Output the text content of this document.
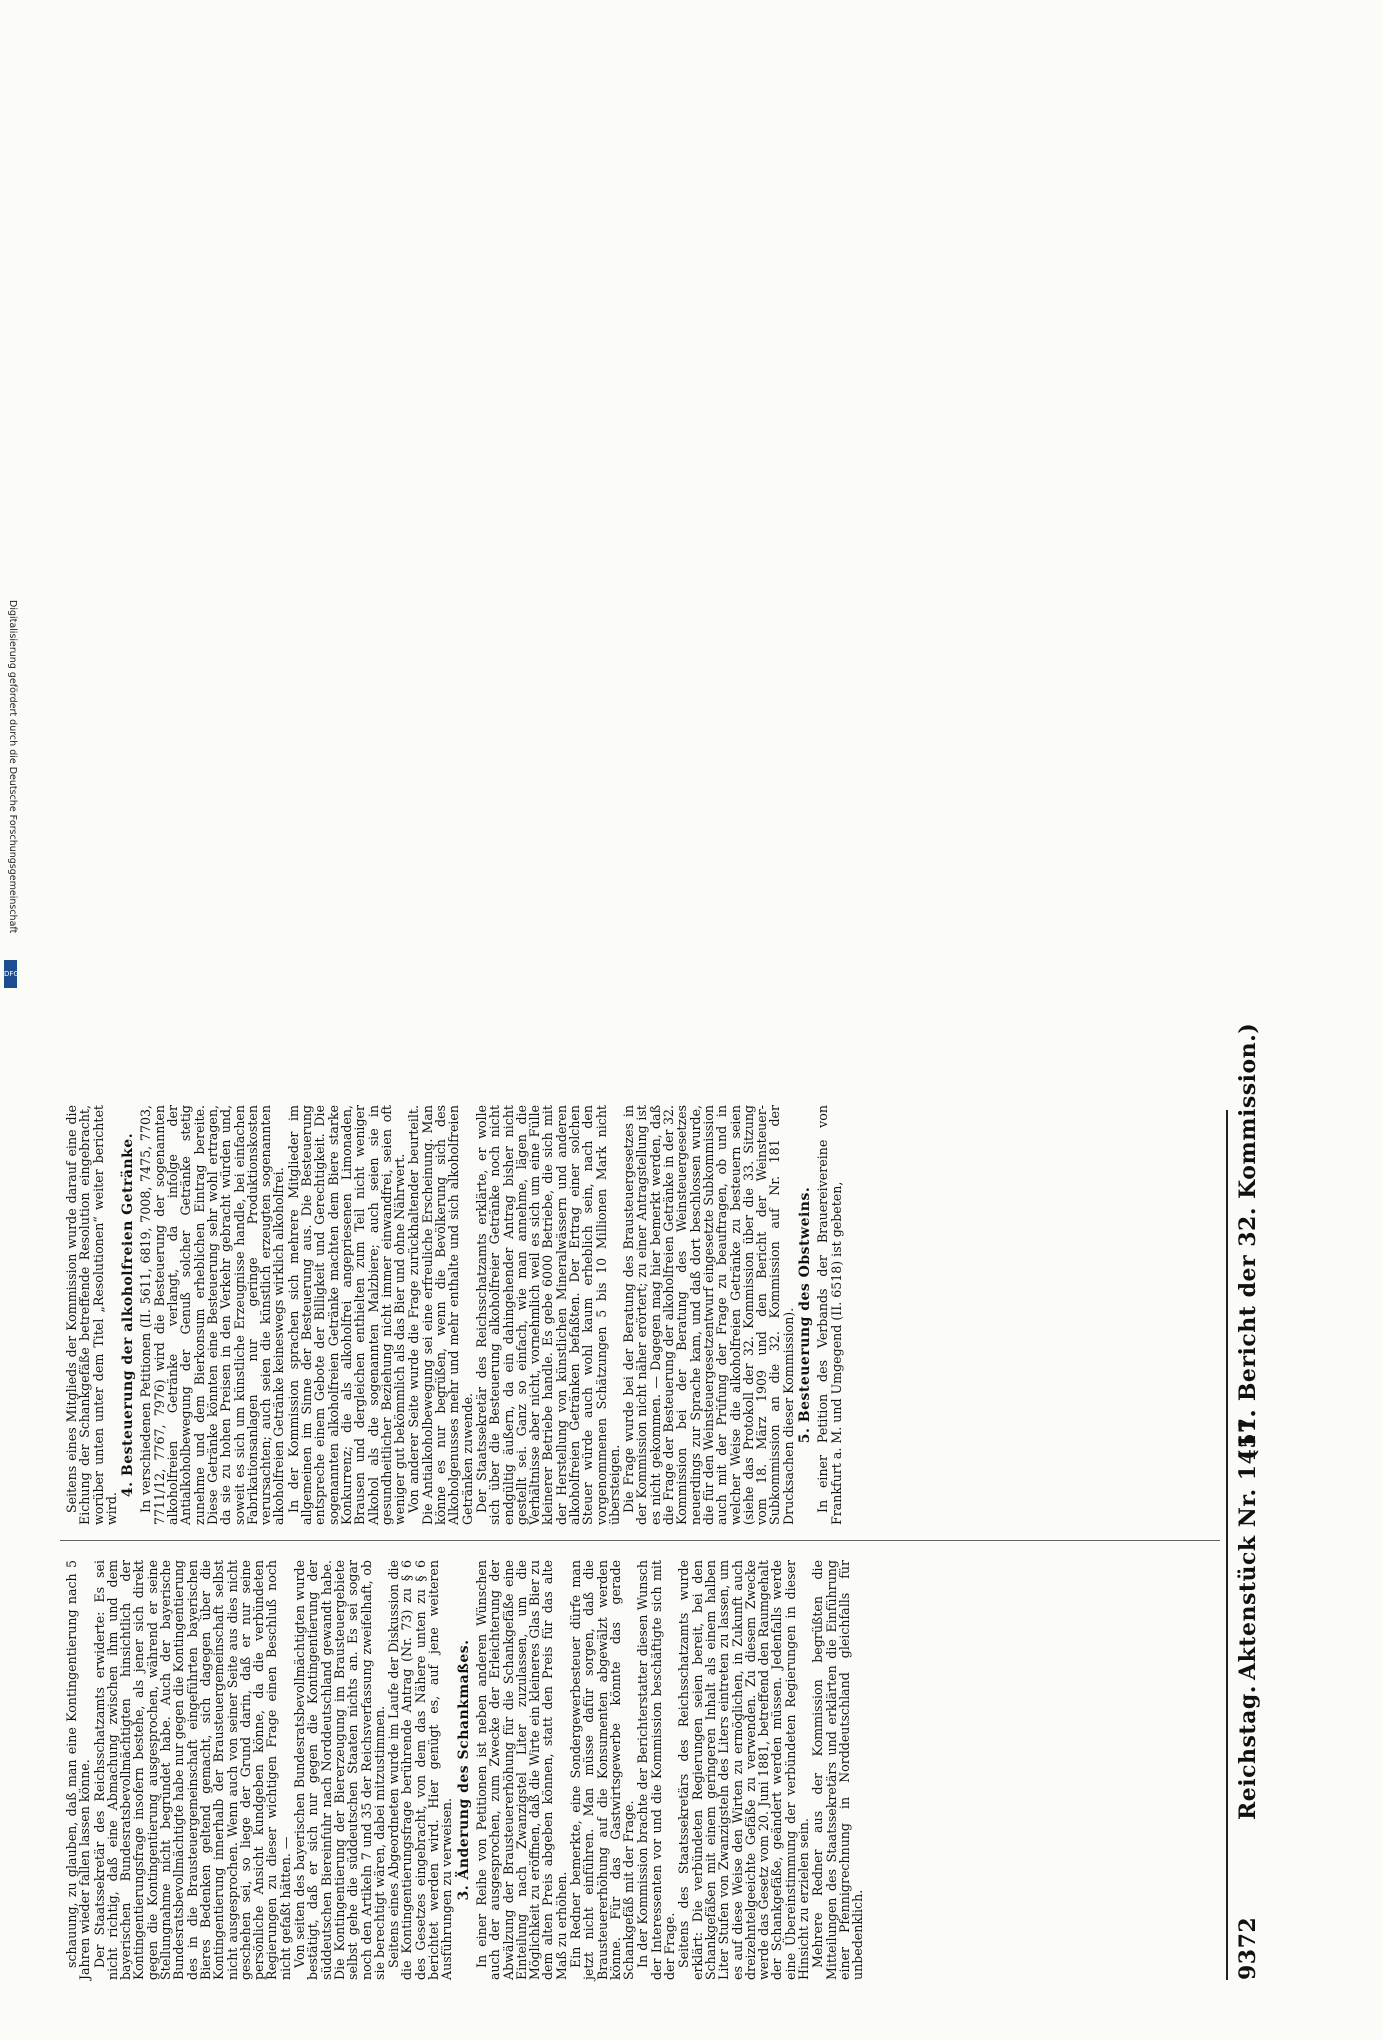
9372
Reichstag.
Aktenstück Nr. 1451.
(17. Bericht der 32. Kommission.)

schauung, zu glauben, daß man eine Kontingentierung nach 5 Jahren wieder fallen lassen könne. Der Staatssekretär des Reichsschatzamts erwiderte: Es sei nicht richtig, daß eine Abmachung zwischen ihm und dem bayerischen Bundesratsbevollmächtigten hinsichtlich der Kontingentierungsfrage insofern bestehe, als jener sich direkt gegen die Kontingentierung ausgesprochen, während er seine Stellungnahme nicht begründet habe. Auch der bayerische Bundesratsbevollmächtigte habe nur gegen die Kontingentierung des in die Brausteuergemeinschaft eingeführten bayerischen Bieres Bedenken geltend gemacht, sich dagegen über die Kontingentierung innerhalb der Brausteuergemeinschaft selbst nicht ausgesprochen. Wenn auch von seiner Seite aus dies nicht geschehen sei, so liege der Grund darin, daß er nur seine persönliche Ansicht kundgeben könne, da die verbündeten Regierungen zu dieser wichtigen Frage einen Beschluß noch nicht gefaßt hätten. — Von seiten des bayerischen Bundesratsbevollmächtigten wurde bestätigt, daß er sich nur gegen die Kontingentierung der süddeutschen Biereinfuhr nach Norddeutschland gewandt habe. Die Kontingentierung der Biererzeugung im Brausteuergebiete selbst gehe die süddeutschen Staaten nichts an. Es sei sogar noch den Artikeln 7 und 35 der Reichsverfassung zweifelhaft, ob sie berechtigt wären, dabei mitzustimmen. Seitens eines Abgeordneten wurde im Laufe der Diskussion die die Kontingentierungsfrage berührende Antrag (Nr. 73) zu § 6 des Gesetzes eingebracht, von dem das Nähere unten zu § 6 berichtet werden wird. Hier genügt es, auf jene weiteren Ausführungen zu verweisen. 3. Änderung des Schankmaßes. In einer Reihe von Petitionen ist neben anderen Wünschen auch der ausgesprochen, zum Zwecke der Erleichterung der Abwälzung der Brausteuererhöhung für die Schankgefäße eine Einteilung nach Zwanzigstel Liter zuzulassen, um die Möglichkeit zu eröffnen, daß die Wirte ein kleineres Glas Bier zu dem alten Preis abgeben können, statt den Preis für das alte Maß zu erhöhen. Ein Redner bemerkte, eine Sondergewerbesteuer dürfe man jetzt nicht einführen. Man müsse dafür sorgen, daß die Brausteuererhöhung auf die Konsumenten abgewälzt werden könne. Für das Gastwirtsgewerbe könnte das gerade Schankgefäß mit der Frage. In der Kommission brachte der Berichterstatter diesen Wunsch der Interessenten vor und die Kommission beschäftigte sich mit der Frage. Seitens des Staatssekretärs des Reichsschatzamts wurde erklärt: Die verbündeten Regierungen seien bereit, bei den Schankgefäßen mit einem geringeren Inhalt als einem halben Liter Stufen von Zwanzigsteln des Liters eintreten zu lassen, um es auf diese Weise den Wirten zu ermöglichen, in Zukunft auch dreizehntelgeeichte Gefäße zu verwenden. Zu diesem Zwecke werde das Gesetz vom 20. Juni 1881, betreffend den Raumgehalt der Schankgefäße, geändert werden müssen. Jedenfalls werde eine Übereinstimmung der verbündeten Regierungen in dieser Hinsicht zu erzielen sein. Mehrere Redner aus der Kommission begrüßten die Mitteilungen des Staatssekretärs und erklärten die Einführung einer Pfennigrechnung in Norddeutschland gleichfalls für unbedenklich.

Seitens eines Mitglieds der Kommission wurde darauf eine die Eichung der Schankgefäße betreffende Resolution eingebracht, worüber unten unter dem Titel „Resolutionen“ weiter berichtet wird.

4. Besteuerung der alkoholfreien Getränke. In verschiedenen Petitionen (II. 5611, 6819, 7008, 7475, 7703, 7711/12, 7767, 7976) wird die Besteuerung der sogenannten alkoholfreien Getränke verlangt, da infolge der Antialkoholbewegung der Genuß solcher Getränke stetig zunehme und dem Bierkonsum erheblichen Eintrag bereite. Diese Getränke könnten eine Besteuerung sehr wohl ertragen, da sie zu hohen Preisen in den Verkehr gebracht würden und, soweit es sich um künstliche Erzeugnisse handle, bei einfachen Fabrikationsanlagen nur geringe Produktionskosten verursachten; auch seien die künstlich erzeugten sogenannten alkoholfreien Getränke keineswegs wirklich alkoholfrei. In der Kommission sprachen sich mehrere Mitglieder im allgemeinen im Sinne der Besteuerung aus. Die Besteuerung entspreche einem Gebote der Billigkeit und Gerechtigkeit. Die sogenannten alkoholfreien Getränke machten dem Biere starke Konkurrenz; die als alkoholfrei angepriesenen Limonaden, Brausen und dergleichen enthielten zum Teil nicht weniger Alkohol als die sogenannten Malzbiere; auch seien sie in gesundheitlicher Beziehung nicht immer einwandfrei, seien oft weniger gut bekömmlich als das Bier und ohne Nährwert. Von anderer Seite wurde die Frage zurückhaltender beurteilt. Die Antialkoholbewegung sei eine erfreuliche Erscheinung. Man könne es nur begrüßen, wenn die Bevölkerung sich des Alkoholgenusses mehr und mehr enthalte und sich alkoholfreien Getränken zuwende. Der Staatssekretär des Reichsschatzamts erklärte, er wolle sich über die Besteuerung alkoholfreier Getränke noch nicht endgültig äußern, da ein dahingehender Antrag bisher nicht gestellt sei. Ganz so einfach, wie man annehme, lägen die Verhältnisse aber nicht, vornehmlich weil es sich um eine Fülle kleinerer Betriebe handle. Es gebe 6000 Betriebe, die sich mit der Herstellung von künstlichen Mineralwässern und anderen alkoholfreien Getränken befaßten. Der Ertrag einer solchen Steuer würde auch wohl kaum erheblich sein, nach den vorgenommenen Schätzungen 5 bis 10 Millionen Mark nicht übersteigen. Die Frage wurde bei der Beratung des Brausteuergesetzes in der Kommission nicht näher erörtert; zu einer Antragstellung ist es nicht gekommen. — Dagegen mag hier bemerkt werden, daß die Frage der Besteuerung der alkoholfreien Getränke in der 32. Kommission bei der Beratung des Weinsteuergesetzes neuerdings zur Sprache kam, und daß dort beschlossen wurde, die für den Weinsteuergesetzentwurf eingesetzte Subkommission auch mit der Prüfung der Frage zu beauftragen, ob und in welcher Weise die alkoholfreien Getränke zu besteuern seien (siehe das Protokoll der 32. Kommission über die 33. Sitzung vom 18. März 1909 und den Bericht der Weinsteuer-Subkommission an die 32. Kommission auf Nr. 181 der Drucksachen dieser Kommission). 5. Besteuerung des Obstweins. In einer Petition des Verbands der Brauereivereine von Frankfurt a. M. und Umgegend (II. 6518) ist gebeten,

Digitalisierung gefördert durch die Deutsche Forschungsgemeinschaft
DFG
